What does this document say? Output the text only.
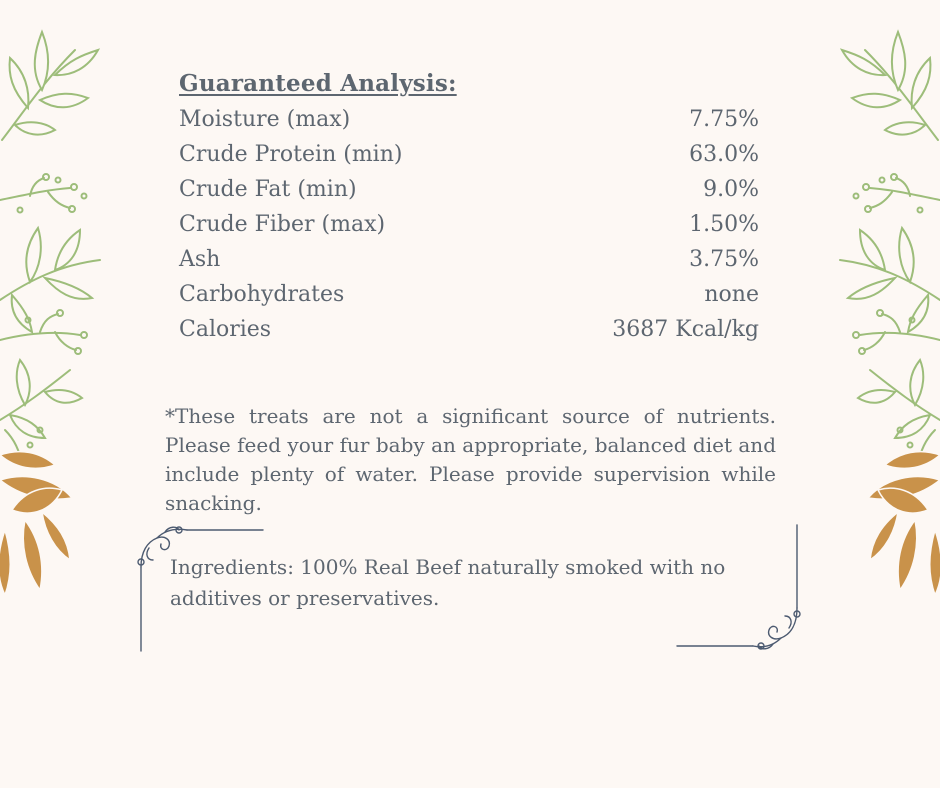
Guaranteed Analysis:
Moisture (max)	7.75%
Crude Protein (min)	63.0%
Crude Fat (min)	9.0%
Crude Fiber (max)	1.50%
Ash	3.75%
Carbohydrates	none
Calories	3687 Kcal/kg
*These treats are not a significant source of nutrients. Please feed your fur baby an appropriate, balanced diet and include plenty of water. Please provide supervision while snacking.
Ingredients: 100% Real Beef naturally smoked with no additives or preservatives.
